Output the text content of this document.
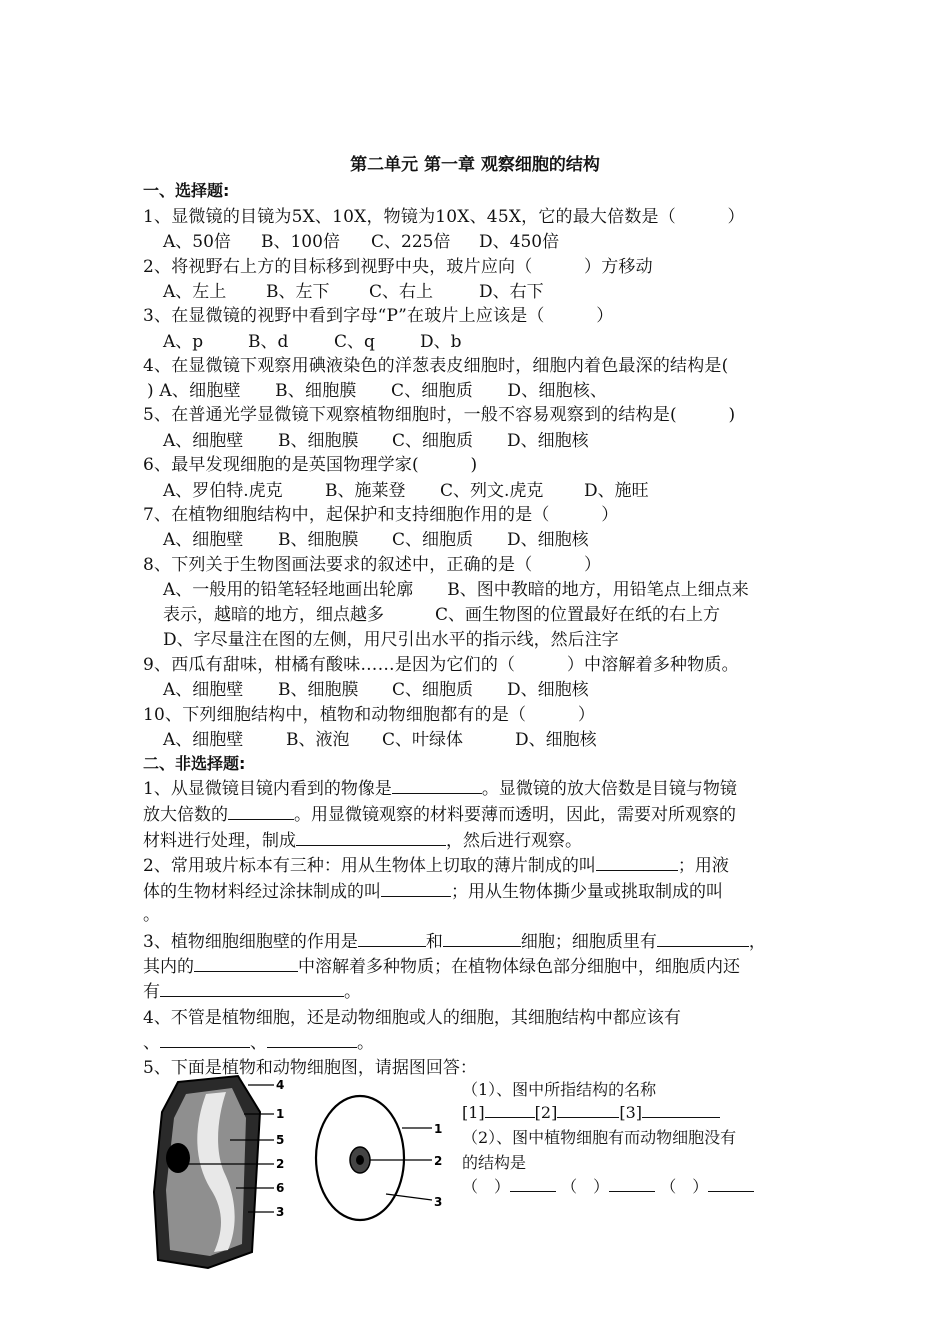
第二单元 第一章 观察细胞的结构
一、选择题:
1、显微镜的目镜为5X、10X，物镜为10X、45X，它的最大倍数是（　　　）
A、50倍 B、100倍 C、225倍 D、450倍
2、将视野右上方的目标移到视野中央，玻片应向（　　　）方移动
A、左上 B、左下 C、右上	D、右下
3、在显微镜的视野中看到字母“P”在玻片上应该是（　　　）
A、p	B、d	C、q	D、b
4、在显微镜下观察用碘液染色的洋葱表皮细胞时，细胞内着色最深的结构是(
) A、细胞壁　　B、细胞膜　　C、细胞质　　D、细胞核、
5、在普通光学显微镜下观察植物细胞时，一般不容易观察到的结构是(　　　)
A、细胞壁 B、细胞膜 C、细胞质 D、细胞核
6、最早发现细胞的是英国物理学家(　　　)
A、罗伯特.虎克 B、施莱登 C、列文.虎克 D、施旺
7、在植物细胞结构中，起保护和支持细胞作用的是（　　　）
A、细胞壁 B、细胞膜 C、细胞质 D、细胞核
8、下列关于生物图画法要求的叙述中，正确的是（　　　）
A、一般用的铅笔轻轻地画出轮廓　　B、图中教暗的地方，用铅笔点上细点来
表示，越暗的地方，细点越多　　　C、画生物图的位置最好在纸的右上方
D、字尽量注在图的左侧，用尺引出水平的指示线，然后注字
9、西瓜有甜味，柑橘有酸味……是因为它们的（　　　）中溶解着多种物质。
A、细胞壁 B、细胞膜 C、细胞质 D、细胞核
10、下列细胞结构中，植物和动物细胞都有的是（　　　）
A、细胞壁	B、液泡 C、叶绿体	D、细胞核
二、非选择题:
1、从显微镜目镜内看到的物像是	。显微镜的放大倍数是目镜与物镜
放大倍数的	。用显微镜观察的材料要薄而透明，因此，需要对所观察的
材料进行处理，制成	，然后进行观察。
2、常用玻片标本有三种：用从生物体上切取的薄片制成的叫	；用液
体的生物材料经过涂抹制成的叫	；用从生物体撕少量或挑取制成的叫
。
3、植物细胞细胞壁的作用是	和	细胞；细胞质里有	，
其内的	中溶解着多种物质；在植物体绿色部分细胞中，细胞质内还
有	。
4、不管是植物细胞，还是动物细胞或人的细胞，其细胞结构中都应该有
、	、	。
5、下面是植物和动物细胞图，请据图回答：
（1）、图中所指结构的名称
[1]	[2]	[3]
（2）、图中植物细胞有而动物细胞没有
的结构是
（　）	（　）	（　）
4
1
5
2
6
3
1
2
3
